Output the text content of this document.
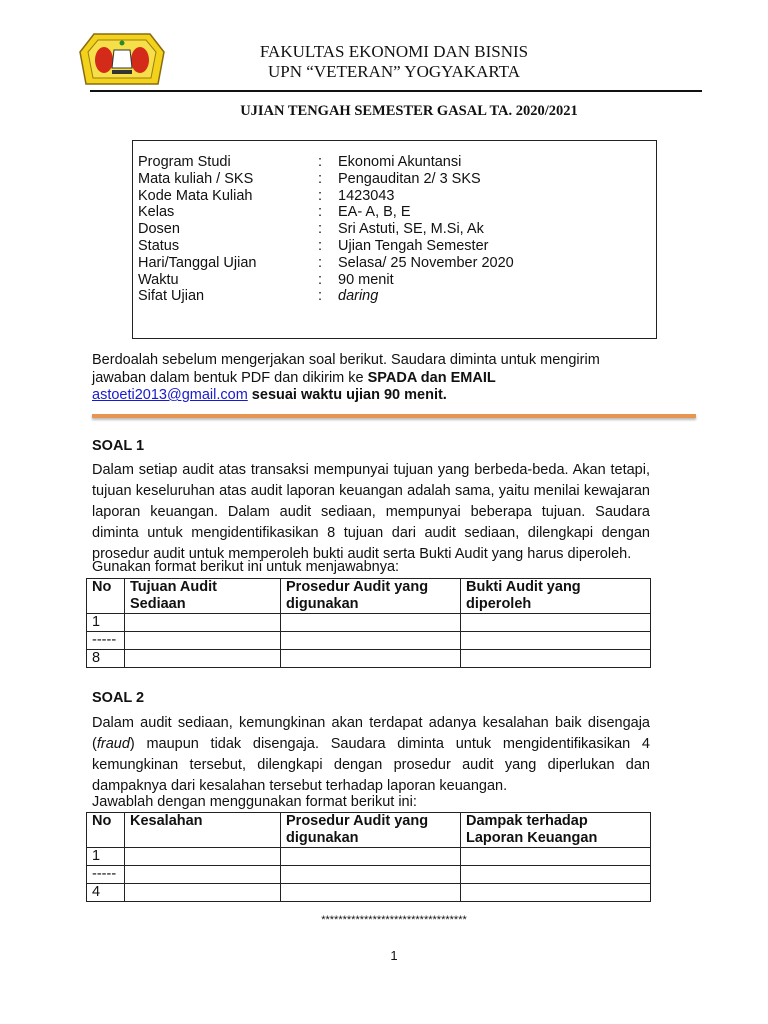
FAKULTAS EKONOMI DAN BISNIS
UPN “VETERAN” YOGYAKARTA
UJIAN TENGAH SEMESTER GASAL TA. 2020/2021
Program Studi	: Ekonomi Akuntansi
Mata kuliah / SKS	: Pengauditan 2/ 3 SKS
Kode Mata Kuliah	: 1423043
Kelas	: EA- A, B, E
Dosen	: Sri Astuti, SE, M.Si, Ak
Status	: Ujian Tengah Semester
Hari/Tanggal Ujian	: Selasa/ 25 November 2020
Waktu	: 90 menit
Sifat Ujian	: daring
Berdoalah sebelum mengerjakan soal berikut. Saudara diminta untuk mengirim
jawaban dalam bentuk PDF dan dikirim ke SPADA dan EMAIL
astoeti2013@gmail.com sesuai waktu ujian 90 menit.
SOAL 1
Dalam setiap audit atas transaksi mempunyai tujuan yang berbeda-beda. Akan tetapi, tujuan keseluruhan atas audit laporan keuangan adalah sama, yaitu menilai kewajaran laporan keuangan. Dalam audit sediaan, mempunyai beberapa tujuan. Saudara diminta untuk mengidentifikasikan 8 tujuan dari audit sediaan, dilengkapi dengan prosedur audit untuk memperoleh bukti audit serta Bukti Audit yang harus diperoleh.
Gunakan format berikut ini untuk menjawabnya:
No	Tujuan Audit Sediaan	Prosedur Audit yang digunakan	Bukti Audit yang diperoleh
1			
-----			
8			
SOAL 2
Dalam audit sediaan, kemungkinan akan terdapat adanya kesalahan baik disengaja (fraud) maupun tidak disengaja. Saudara diminta untuk mengidentifikasikan 4 kemungkinan tersebut, dilengkapi dengan prosedur audit yang diperlukan dan dampaknya dari kesalahan tersebut terhadap laporan keuangan.
Jawablah dengan menggunakan format berikut ini:
No	Kesalahan	Prosedur Audit yang digunakan	Dampak terhadap Laporan Keuangan
1			
-----			
4			
**********************************
1
